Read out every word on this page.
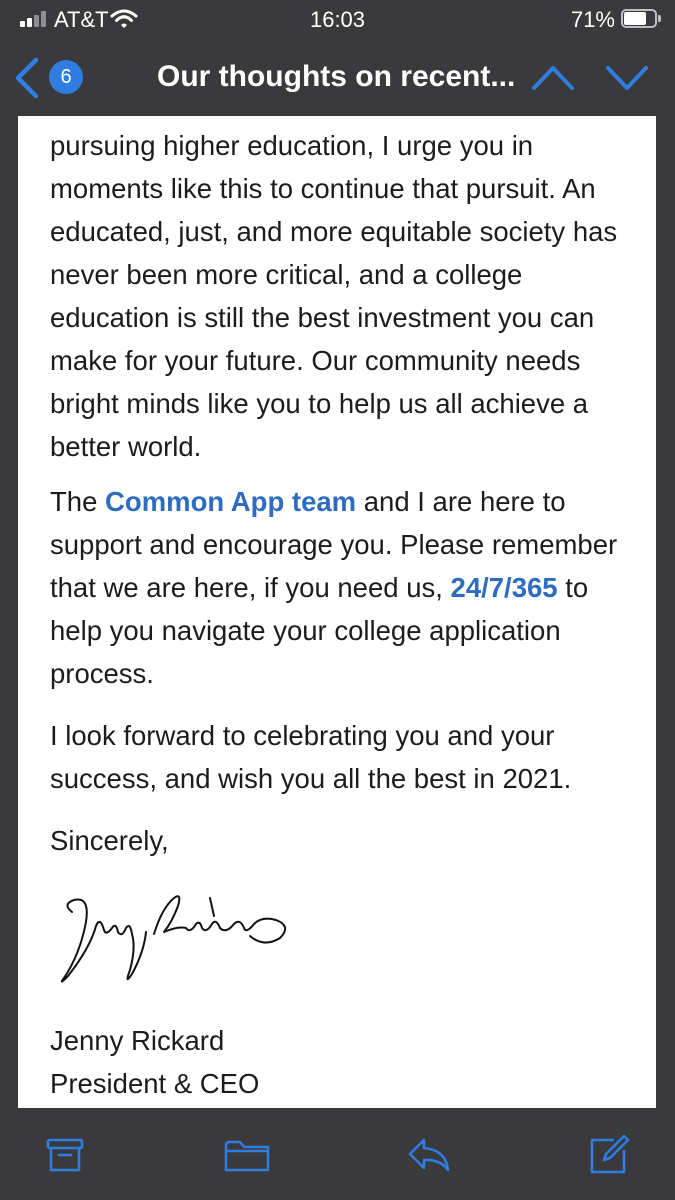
AT&T	16:03	71%
6	Our thoughts on recent...

pursuing higher education, I urge you in moments like this to continue that pursuit. An educated, just, and more equitable society has never been more critical, and a college education is still the best investment you can make for your future. Our community needs bright minds like you to help us all achieve a better world.

The Common App team and I are here to support and encourage you. Please remember that we are here, if you need us, 24/7/365 to help you navigate your college application process.

I look forward to celebrating you and your success, and wish you all the best in 2021.

Sincerely,

Jenny Rickard

President & CEO
